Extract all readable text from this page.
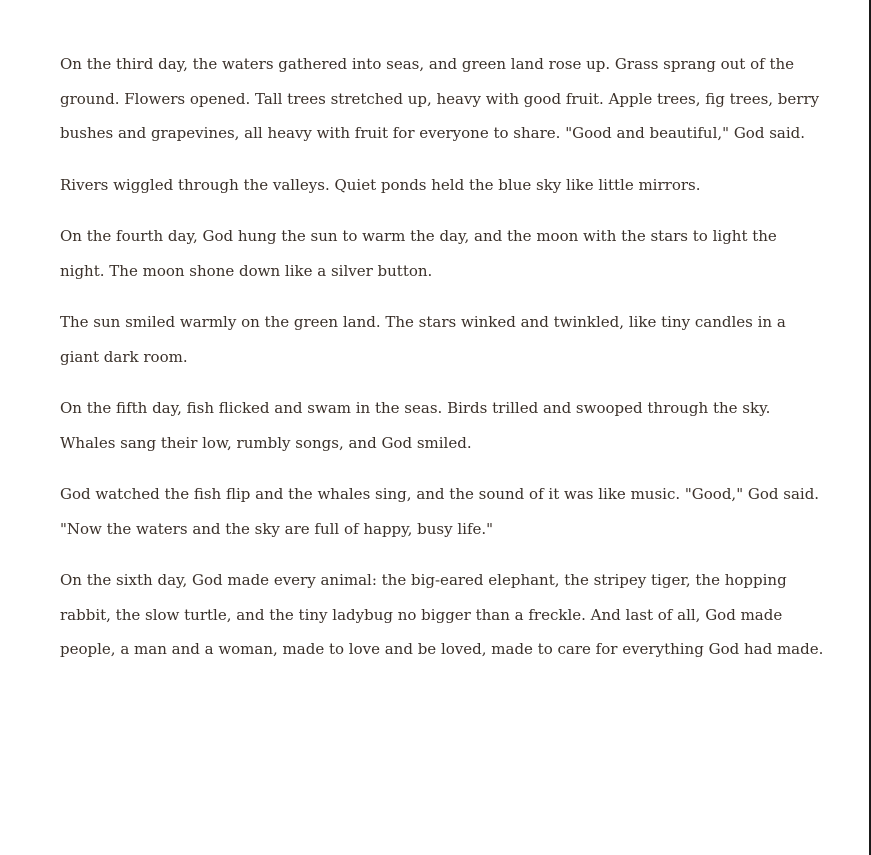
On the third day, the waters gathered into seas, and green land rose up. Grass sprang out of the
ground. Flowers opened. Tall trees stretched up, heavy with good fruit. Apple trees, fig trees, berry
bushes and grapevines, all heavy with fruit for everyone to share. "Good and beautiful," God said.

Rivers wiggled through the valleys. Quiet ponds held the blue sky like little mirrors.

On the fourth day, God hung the sun to warm the day, and the moon with the stars to light the
night. The moon shone down like a silver button.

The sun smiled warmly on the green land. The stars winked and twinkled, like tiny candles in a
giant dark room.

On the fifth day, fish flicked and swam in the seas. Birds trilled and swooped through the sky.
Whales sang their low, rumbly songs, and God smiled.

God watched the fish flip and the whales sing, and the sound of it was like music. "Good," God said.
"Now the waters and the sky are full of happy, busy life."

On the sixth day, God made every animal: the big-eared elephant, the stripey tiger, the hopping
rabbit, the slow turtle, and the tiny ladybug no bigger than a freckle. And last of all, God made
people, a man and a woman, made to love and be loved, made to care for everything God had made.
